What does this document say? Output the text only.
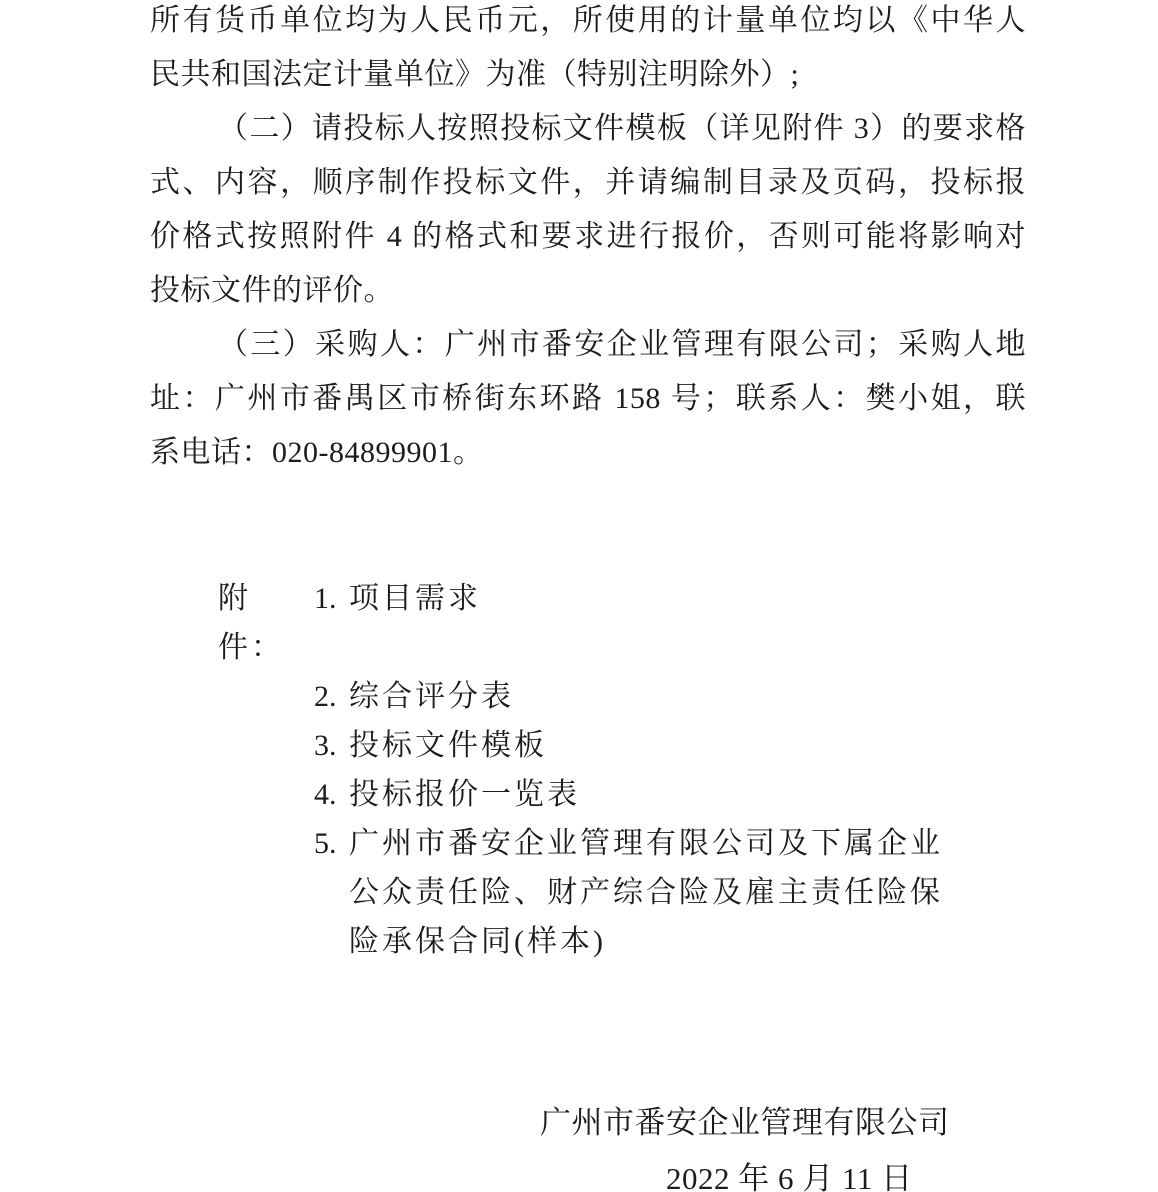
所有货币单位均为人民币元，所使用的计量单位均以《中华人
民共和国法定计量单位》为准（特别注明除外）;
（二）请投标人按照投标文件模板（详见附件 3）的要求格
式、内容，顺序制作投标文件，并请编制目录及页码，投标报
价格式按照附件 4 的格式和要求进行报价，否则可能将影响对
投标文件的评价。
（三）采购人：广州市番安企业管理有限公司；采购人地
址：广州市番禺区市桥街东环路 158 号；联系人：樊小姐，联
系电话：020-84899901。
附件：
1. 项目需求
2. 综合评分表
3. 投标文件模板
4. 投标报价一览表
5. 广州市番安企业管理有限公司及下属企业
公众责任险、财产综合险及雇主责任险保
险承保合同(样本)
广州市番安企业管理有限公司
2022 年 6 月 11 日
